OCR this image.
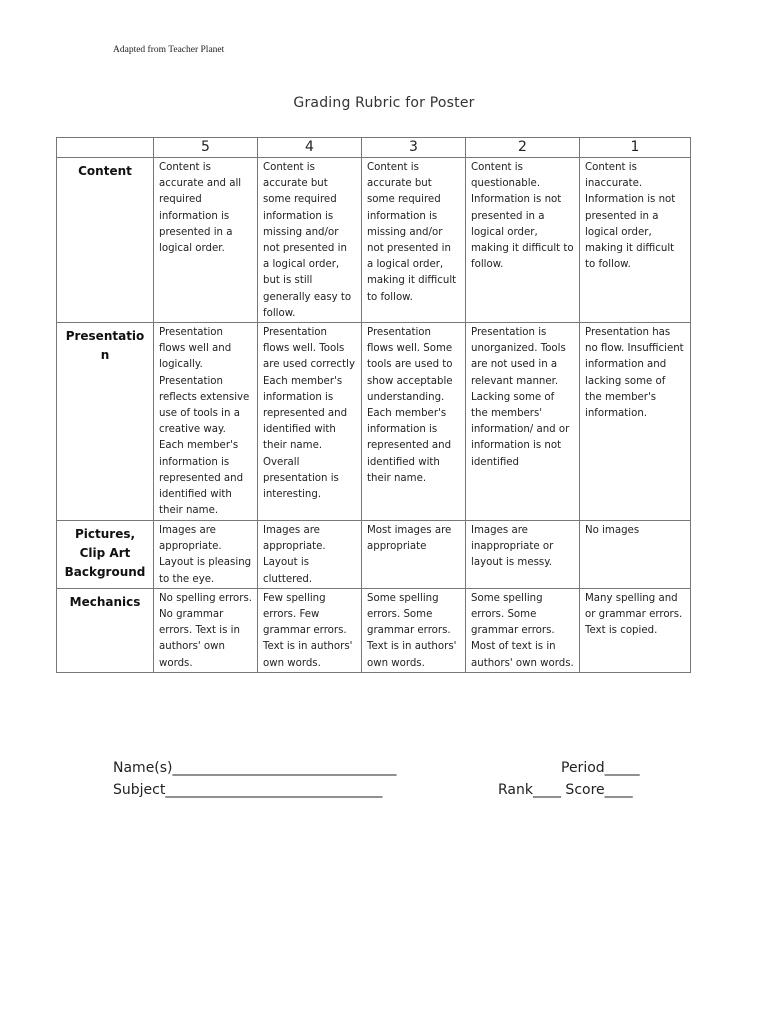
Adapted from Teacher Planet
Grading Rubric for Poster
	5	4	3	2	1
Content	Content is accurate and all required information is presented in a logical order.	Content is accurate but some required information is missing and/or not presented in a logical order, but is still generally easy to follow.	Content is accurate but some required information is missing and/or not presented in a logical order, making it difficult to follow.	Content is questionable. Information is not presented in a logical order, making it difficult to follow.	Content is inaccurate. Information is not presented in a logical order, making it difficult to follow.
Presentation	Presentation flows well and logically. Presentation reflects extensive use of tools in a creative way. Each member's information is represented and identified with their name.	Presentation flows well. Tools are used correctly Each member's information is represented and identified with their name. Overall presentation is interesting.	Presentation flows well. Some tools are used to show acceptable understanding. Each member's information is represented and identified with their name.	Presentation is unorganized. Tools are not used in a relevant manner. Lacking some of the members' information/ and or information is not identified	Presentation has no flow. Insufficient information and lacking some of the member's information.
Pictures, Clip Art Background	Images are appropriate. Layout is pleasing to the eye.	Images are appropriate. Layout is cluttered.	Most images are appropriate	Images are inappropriate or layout is messy.	No images
Mechanics	No spelling errors. No grammar errors. Text is in authors' own words.	Few spelling errors. Few grammar errors. Text is in authors' own words.	Some spelling errors. Some grammar errors. Text is in authors' own words.	Some spelling errors. Some grammar errors. Most of text is in authors' own words.	Many spelling and or grammar errors. Text is copied.
Name(s)________________________________	Period_____
Subject_______________________________	Rank____ Score____
